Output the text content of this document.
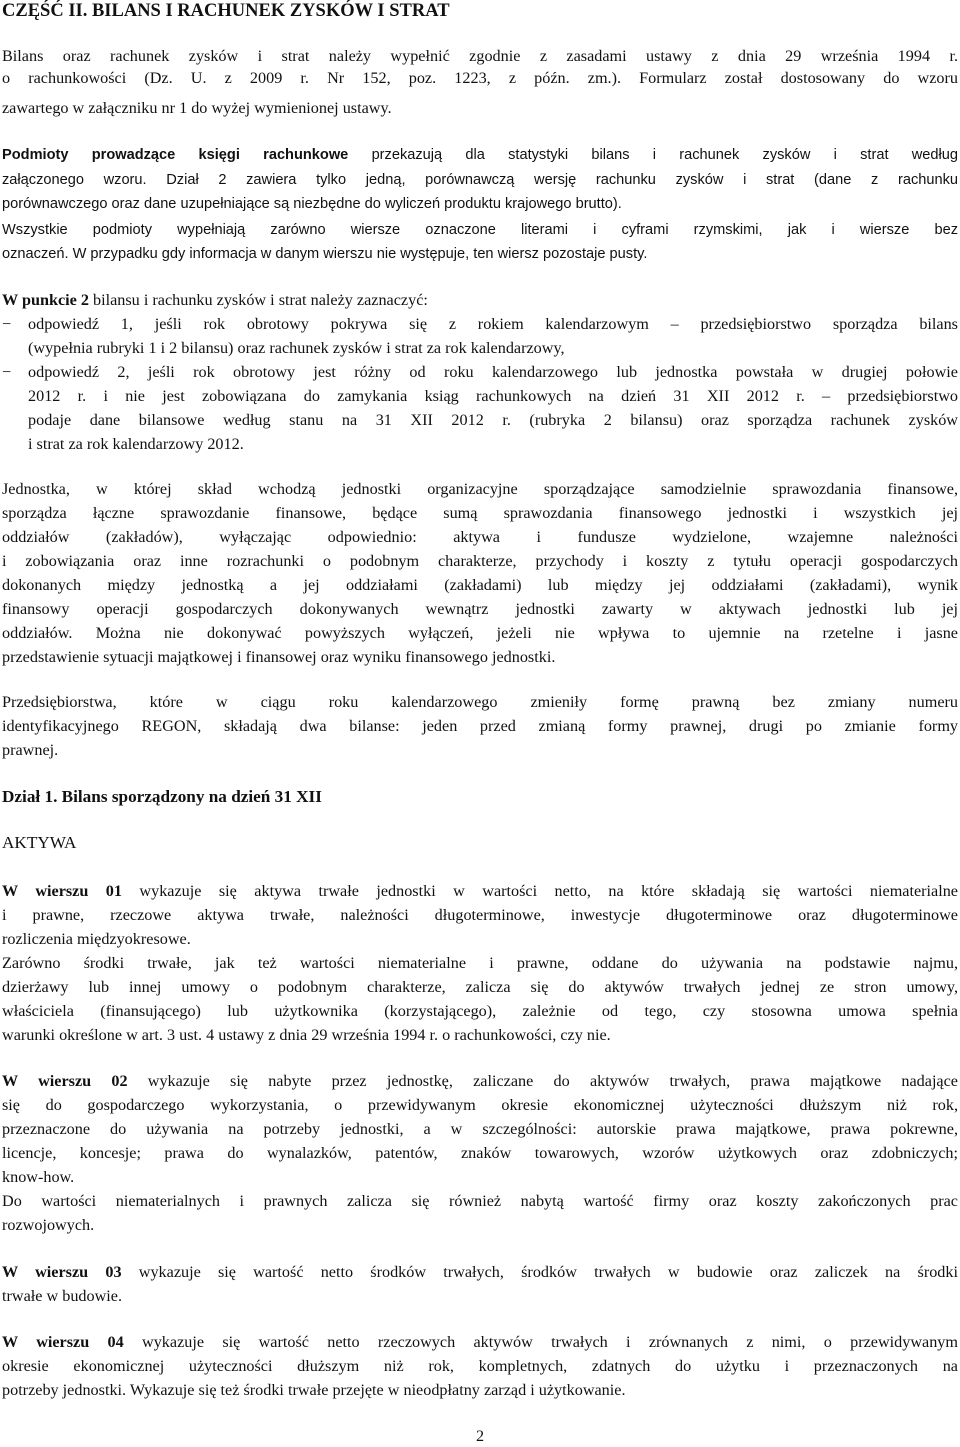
CZĘŚĆ II. BILANS I RACHUNEK ZYSKÓW I STRAT
Bilans oraz rachunek zysków i strat należy wypełnić zgodnie z zasadami ustawy z dnia 29 września 1994 r.
o rachunkowości (Dz. U. z 2009 r. Nr 152, poz. 1223, z późn. zm.). Formularz został dostosowany do wzoru
zawartego w załączniku nr 1 do wyżej wymienionej ustawy.
Podmioty prowadzące księgi rachunkowe przekazują dla statystyki bilans i rachunek zysków i strat według
załączonego wzoru. Dział 2 zawiera tylko jedną, porównawczą wersję rachunku zysków i strat (dane z rachunku
porównawczego oraz dane uzupełniające są niezbędne do wyliczeń produktu krajowego brutto).
Wszystkie podmioty wypełniają zarówno wiersze oznaczone literami i cyframi rzymskimi, jak i wiersze bez
oznaczeń. W przypadku gdy informacja w danym wierszu nie występuje, ten wiersz pozostaje pusty.
W punkcie 2 bilansu i rachunku zysków i strat należy zaznaczyć:
− odpowiedź 1, jeśli rok obrotowy pokrywa się z rokiem kalendarzowym – przedsiębiorstwo sporządza bilans
(wypełnia rubryki 1 i 2 bilansu) oraz rachunek zysków i strat za rok kalendarzowy,
− odpowiedź 2, jeśli rok obrotowy jest różny od roku kalendarzowego lub jednostka powstała w drugiej połowie
2012 r. i nie jest zobowiązana do zamykania ksiąg rachunkowych na dzień 31 XII 2012 r. – przedsiębiorstwo
podaje dane bilansowe według stanu na 31 XII 2012 r. (rubryka 2 bilansu) oraz sporządza rachunek zysków
i strat za rok kalendarzowy 2012.
Jednostka, w której skład wchodzą jednostki organizacyjne sporządzające samodzielnie sprawozdania finansowe,
sporządza łączne sprawozdanie finansowe, będące sumą sprawozdania finansowego jednostki i wszystkich jej
oddziałów (zakładów), wyłączając odpowiednio: aktywa i fundusze wydzielone, wzajemne należności
i zobowiązania oraz inne rozrachunki o podobnym charakterze, przychody i koszty z tytułu operacji gospodarczych
dokonanych między jednostką a jej oddziałami (zakładami) lub między jej oddziałami (zakładami), wynik
finansowy operacji gospodarczych dokonywanych wewnątrz jednostki zawarty w aktywach jednostki lub jej
oddziałów. Można nie dokonywać powyższych wyłączeń, jeżeli nie wpływa to ujemnie na rzetelne i jasne
przedstawienie sytuacji majątkowej i finansowej oraz wyniku finansowego jednostki.
Przedsiębiorstwa, które w ciągu roku kalendarzowego zmieniły formę prawną bez zmiany numeru
identyfikacyjnego REGON, składają dwa bilanse: jeden przed zmianą formy prawnej, drugi po zmianie formy
prawnej.
Dział 1. Bilans sporządzony na dzień 31 XII
AKTYWA
W wierszu 01 wykazuje się aktywa trwałe jednostki w wartości netto, na które składają się wartości niematerialne
i prawne, rzeczowe aktywa trwałe, należności długoterminowe, inwestycje długoterminowe oraz długoterminowe
rozliczenia międzyokresowe.
Zarówno środki trwałe, jak też wartości niematerialne i prawne, oddane do używania na podstawie najmu,
dzierżawy lub innej umowy o podobnym charakterze, zalicza się do aktywów trwałych jednej ze stron umowy,
właściciela (finansującego) lub użytkownika (korzystającego), zależnie od tego, czy stosowna umowa spełnia
warunki określone w art. 3 ust. 4 ustawy z dnia 29 września 1994 r. o rachunkowości, czy nie.
W wierszu 02 wykazuje się nabyte przez jednostkę, zaliczane do aktywów trwałych, prawa majątkowe nadające
się do gospodarczego wykorzystania, o przewidywanym okresie ekonomicznej użyteczności dłuższym niż rok,
przeznaczone do używania na potrzeby jednostki, a w szczególności: autorskie prawa majątkowe, prawa pokrewne,
licencje, koncesje; prawa do wynalazków, patentów, znaków towarowych, wzorów użytkowych oraz zdobniczych;
know-how.
Do wartości niematerialnych i prawnych zalicza się również nabytą wartość firmy oraz koszty zakończonych prac
rozwojowych.
W wierszu 03 wykazuje się wartość netto środków trwałych, środków trwałych w budowie oraz zaliczek na środki
trwałe w budowie.
W wierszu 04 wykazuje się wartość netto rzeczowych aktywów trwałych i zrównanych z nimi, o przewidywanym
okresie ekonomicznej użyteczności dłuższym niż rok, kompletnych, zdatnych do użytku i przeznaczonych na
potrzeby jednostki. Wykazuje się też środki trwałe przejęte w nieodpłatny zarząd i użytkowanie.
2
